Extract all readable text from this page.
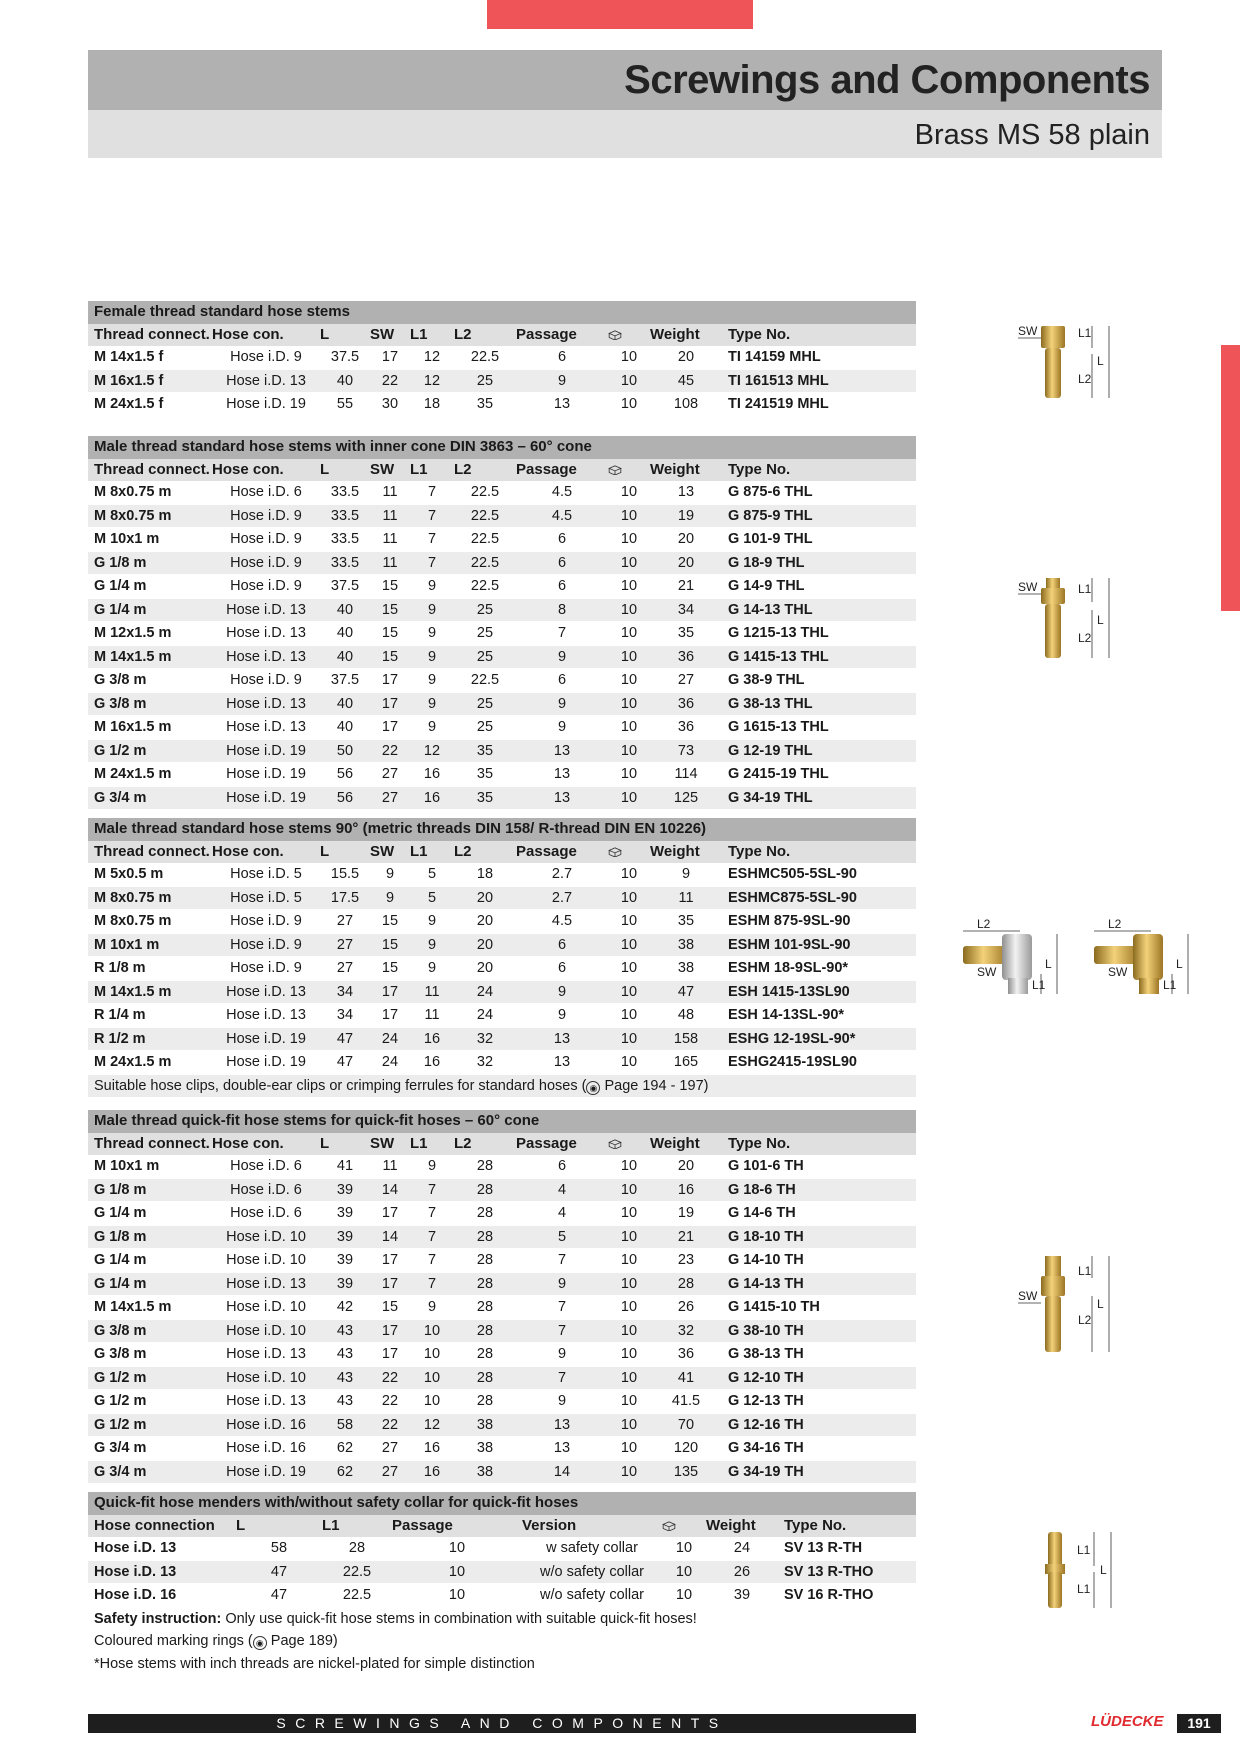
Screwings and Components
Brass MS 58 plain
Female thread standard hose stems									
Thread connect.	Hose con.	L	SW	L1	L2	Passage		Weight	Type No.
M 14x1.5 f	Hose i.D. 9	37.5	17	12	22.5	6	10	20	TI 14159 MHL
M 16x1.5 f	Hose i.D. 13	40	22	12	25	9	10	45	TI 161513 MHL
M 24x1.5 f	Hose i.D. 19	55	30	18	35	13	10	108	TI 241519 MHL
Male thread standard hose stems with inner cone DIN 3863 – 60° cone									
Thread connect.	Hose con.	L	SW	L1	L2	Passage		Weight	Type No.
M 8x0.75 m	Hose i.D. 6	33.5	11	7	22.5	4.5	10	13	G 875-6 THL
M 8x0.75 m	Hose i.D. 9	33.5	11	7	22.5	4.5	10	19	G 875-9 THL
M 10x1 m	Hose i.D. 9	33.5	11	7	22.5	6	10	20	G 101-9 THL
G 1/8 m	Hose i.D. 9	33.5	11	7	22.5	6	10	20	G 18-9 THL
G 1/4 m	Hose i.D. 9	37.5	15	9	22.5	6	10	21	G 14-9 THL
G 1/4 m	Hose i.D. 13	40	15	9	25	8	10	34	G 14-13 THL
M 12x1.5 m	Hose i.D. 13	40	15	9	25	7	10	35	G 1215-13 THL
M 14x1.5 m	Hose i.D. 13	40	15	9	25	9	10	36	G 1415-13 THL
G 3/8 m	Hose i.D. 9	37.5	17	9	22.5	6	10	27	G 38-9 THL
G 3/8 m	Hose i.D. 13	40	17	9	25	9	10	36	G 38-13 THL
M 16x1.5 m	Hose i.D. 13	40	17	9	25	9	10	36	G 1615-13 THL
G 1/2 m	Hose i.D. 19	50	22	12	35	13	10	73	G 12-19 THL
M 24x1.5 m	Hose i.D. 19	56	27	16	35	13	10	114	G 2415-19 THL
G 3/4 m	Hose i.D. 19	56	27	16	35	13	10	125	G 34-19 THL
Male thread standard hose stems 90° (metric threads DIN 158/ R-thread DIN EN 10226)									
Thread connect.	Hose con.	L	SW	L1	L2	Passage		Weight	Type No.
M 5x0.5 m	Hose i.D. 5	15.5	9	5	18	2.7	10	9	ESHMC505-5SL-90
M 8x0.75 m	Hose i.D. 5	17.5	9	5	20	2.7	10	11	ESHMC875-5SL-90
M 8x0.75 m	Hose i.D. 9	27	15	9	20	4.5	10	35	ESHM 875-9SL-90
M 10x1 m	Hose i.D. 9	27	15	9	20	6	10	38	ESHM 101-9SL-90
R 1/8 m	Hose i.D. 9	27	15	9	20	6	10	38	ESHM 18-9SL-90*
M 14x1.5 m	Hose i.D. 13	34	17	11	24	9	10	47	ESH 1415-13SL90
R 1/4 m	Hose i.D. 13	34	17	11	24	9	10	48	ESH 14-13SL-90*
R 1/2 m	Hose i.D. 19	47	24	16	32	13	10	158	ESHG 12-19SL-90*
M 24x1.5 m	Hose i.D. 19	47	24	16	32	13	10	165	ESHG2415-19SL90
Suitable hose clips, double-ear clips or crimping ferrules for standard hoses ( ◉ Page 194 - 197)
Male thread quick-fit hose stems for quick-fit hoses – 60° cone									
Thread connect.	Hose con.	L	SW	L1	L2	Passage		Weight	Type No.
M 10x1 m	Hose i.D. 6	41	11	9	28	6	10	20	G 101-6 TH
G 1/8 m	Hose i.D. 6	39	14	7	28	4	10	16	G 18-6 TH
G 1/4 m	Hose i.D. 6	39	17	7	28	4	10	19	G 14-6 TH
G 1/8 m	Hose i.D. 10	39	14	7	28	5	10	21	G 18-10 TH
G 1/4 m	Hose i.D. 10	39	17	7	28	7	10	23	G 14-10 TH
G 1/4 m	Hose i.D. 13	39	17	7	28	9	10	28	G 14-13 TH
M 14x1.5 m	Hose i.D. 10	42	15	9	28	7	10	26	G 1415-10 TH
G 3/8 m	Hose i.D. 10	43	17	10	28	7	10	32	G 38-10 TH
G 3/8 m	Hose i.D. 13	43	17	10	28	9	10	36	G 38-13 TH
G 1/2 m	Hose i.D. 10	43	22	10	28	7	10	41	G 12-10 TH
G 1/2 m	Hose i.D. 13	43	22	10	28	9	10	41.5	G 12-13 TH
G 1/2 m	Hose i.D. 16	58	22	12	38	13	10	70	G 12-16 TH
G 3/4 m	Hose i.D. 16	62	27	16	38	13	10	120	G 34-16 TH
G 3/4 m	Hose i.D. 19	62	27	16	38	14	10	135	G 34-19 TH
Quick-fit hose menders with/without safety collar for quick-fit hoses							
Hose connection	L	L1	Passage	Version		Weight	Type No.
Hose i.D. 13	58	28	10	w safety collar	10	24	SV 13 R-TH
Hose i.D. 13	47	22.5	10	w/o safety collar	10	26	SV 13 R-THO
Hose i.D. 16	47	22.5	10	w/o safety collar	10	39	SV 16 R-THO
Safety instruction: Only use quick-fit hose stems in combination with suitable quick-fit hoses!
Coloured marking rings ( ◉ Page 189)
*Hose stems with inch threads are nickel-plated for simple distinction
SW	L1
L
L2
SW	L1
L
L2
L2
SW
L
L1
L2
SW
L
L1
SW
L1
L
L2
L1
L
L1
SCREWINGS AND COMPONENTS	LÜDECKE	191
